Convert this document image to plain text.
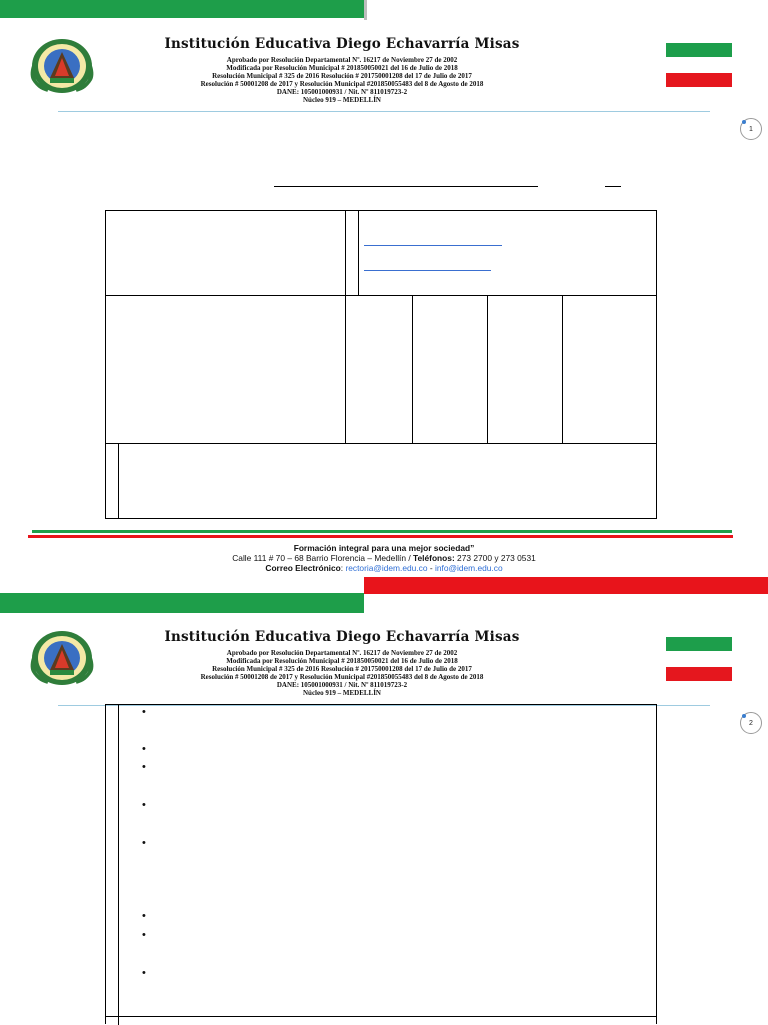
Institución Educativa Diego Echavarría Misas
Aprobado por Resolución Departamental Nº. 16217 de Noviembre 27 de 2002
Modificada por Resolución Municipal # 201850050021 del 16 de Julio de 2018
Resolución Municipal # 325 de 2016 Resolución # 201750001208 del 17 de Julio de 2017
Resolución # 50001208 de 2017 y Resolución Municipal #201850055483 del 8 de Agosto de 2018
DANE: 105001000931 / Nit. Nº 811019723-2
Núcleo 919 – MEDELLÍN
1
Formación integral para una mejor sociedad”
Calle 111 # 70 – 68 Barrio Florencia – Medellín / Teléfonos: 273 2700 y 273 0531
Correo Electrónico: rectoria@idem.edu.co - info@idem.edu.co
Institución Educativa Diego Echavarría Misas
Aprobado por Resolución Departamental Nº. 16217 de Noviembre 27 de 2002
Modificada por Resolución Municipal # 201850050021 del 16 de Julio de 2018
Resolución Municipal # 325 de 2016 Resolución # 201750001208 del 17 de Julio de 2017
Resolución # 50001208 de 2017 y Resolución Municipal #201850055483 del 8 de Agosto de 2018
DANE: 105001000931 / Nit. Nº 811019723-2
Núcleo 919 – MEDELLÍN
2
•
•
•
•
•
•
•
•
